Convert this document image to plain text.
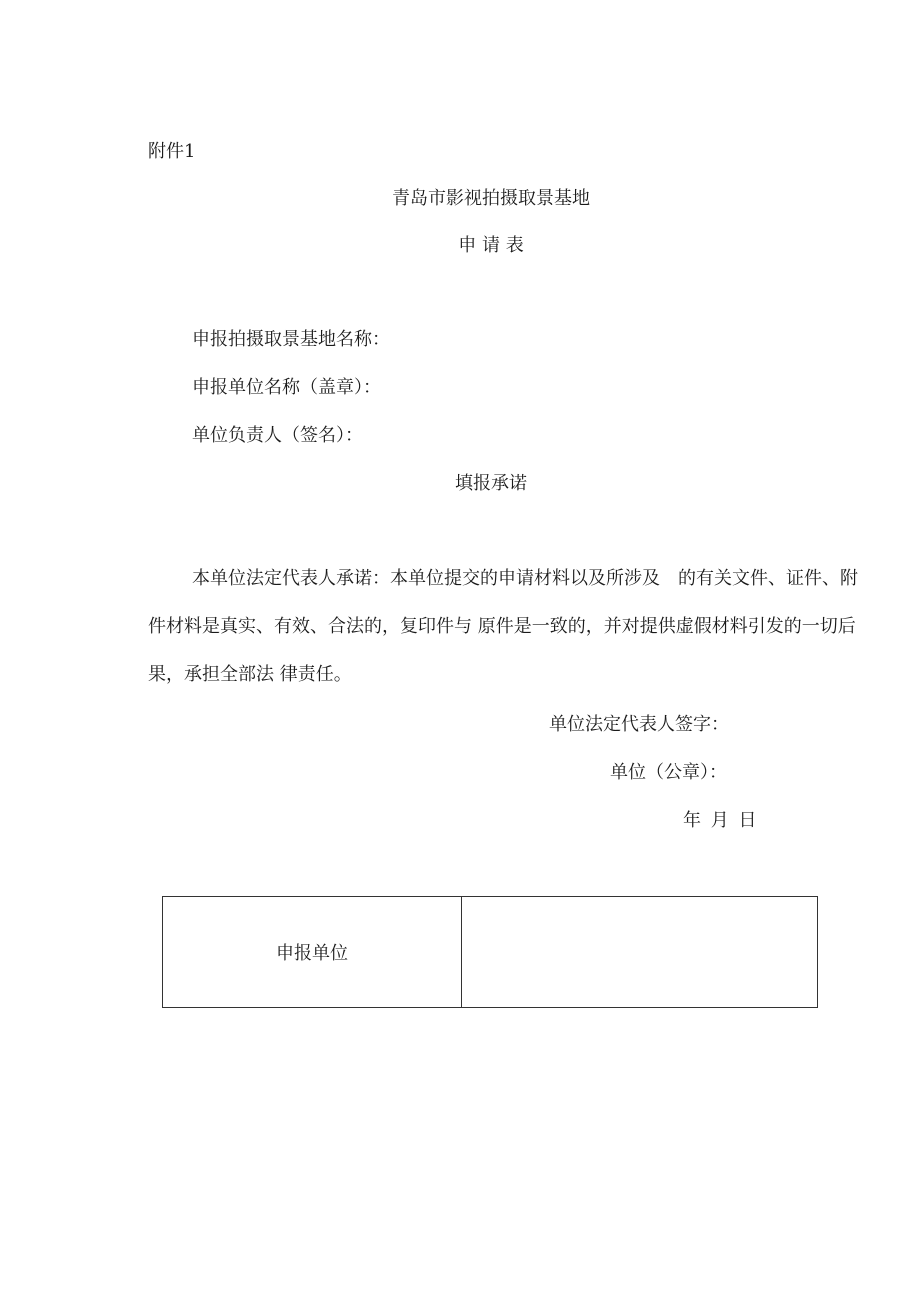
附件1
青岛市影视拍摄取景基地
申 请 表
申报拍摄取景基地名称：
申报单位名称（盖章）：
单位负责人（签名）：
填报承诺
本单位法定代表人承诺：本单位提交的申请材料以及所涉及　的有关文件、证件、附件材料是真实、有效、合法的，复印件与 原件是一致的，并对提供虚假材料引发的一切后果，承担全部法 律责任。
单位法定代表人签字：
单位（公章）：
年 月 日
申报单位
